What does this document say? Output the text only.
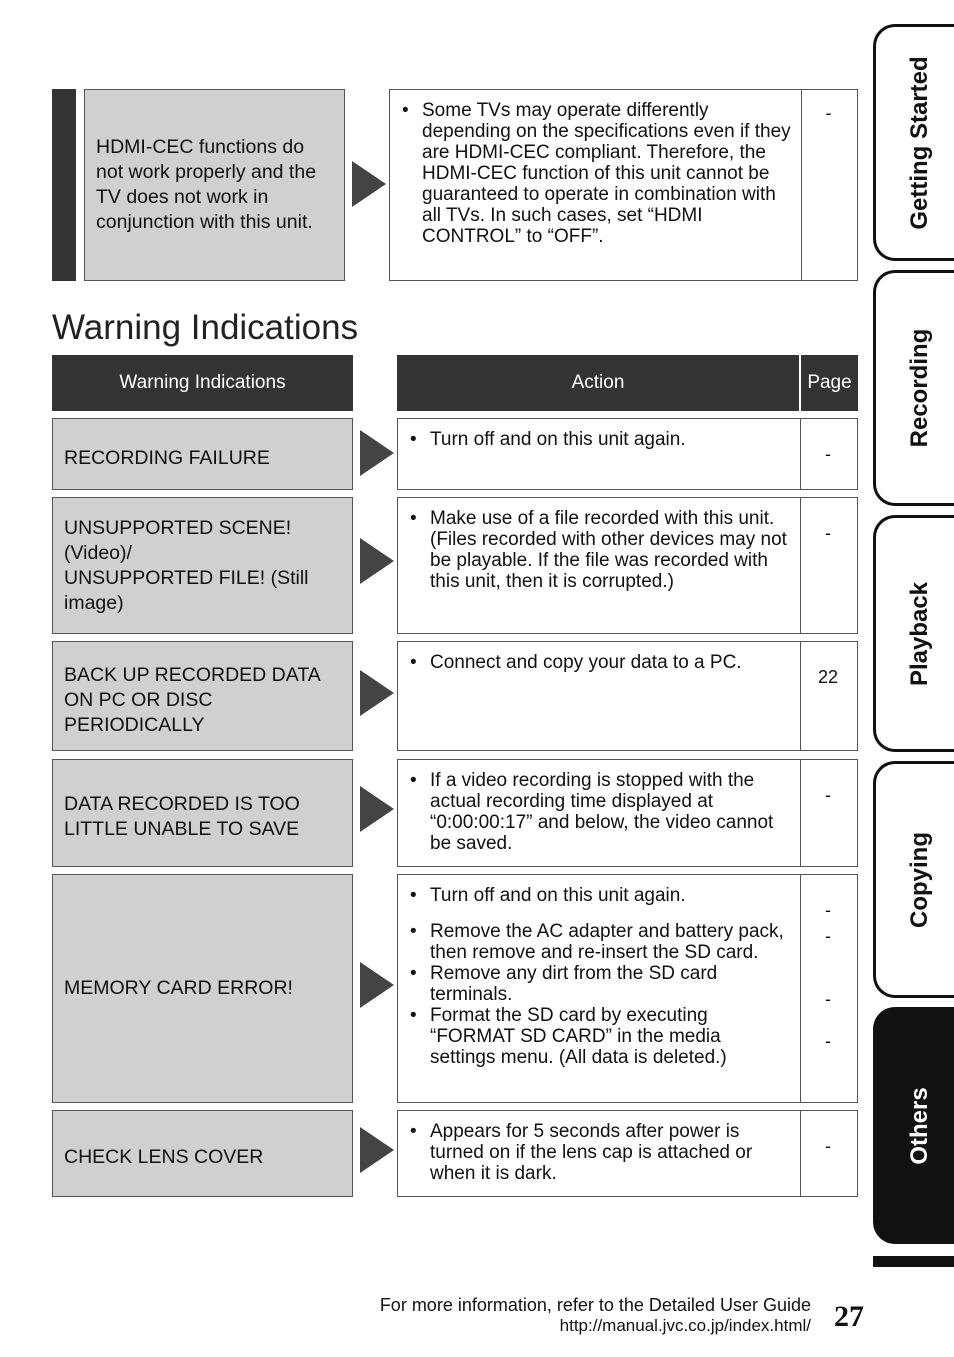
HDMI-CEC functions do not work properly and the TV does not work in conjunction with this unit.
• Some TVs may operate differently depending on the specifications even if they are HDMI-CEC compliant. Therefore, the HDMI-CEC function of this unit cannot be guaranteed to operate in combination with all TVs. In such cases, set “HDMI CONTROL” to “OFF”.
-
Warning Indications
Warning Indications	Action	Page
RECORDING FAILURE
• Turn off and on this unit again.
-
UNSUPPORTED SCENE! (Video)/
UNSUPPORTED FILE! (Still image)
• Make use of a file recorded with this unit. (Files recorded with other devices may not be playable. If the file was recorded with this unit, then it is corrupted.)
-
BACK UP RECORDED DATA ON PC OR DISC PERIODICALLY
• Connect and copy your data to a PC.
22
DATA RECORDED IS TOO LITTLE UNABLE TO SAVE
• If a video recording is stopped with the actual recording time displayed at “0:00:00:17” and below, the video cannot be saved.
-
MEMORY CARD ERROR!
• Turn off and on this unit again.
• Remove the AC adapter and battery pack, then remove and re-insert the SD card.
• Remove any dirt from the SD card terminals.
• Format the SD card by executing “FORMAT SD CARD” in the media settings menu. (All data is deleted.)
-
-
-
-
CHECK LENS COVER
• Appears for 5 seconds after power is turned on if the lens cap is attached or when it is dark.
-
Getting Started
Recording
Playback
Copying
Others
For more information, refer to the Detailed User Guide
http://manual.jvc.co.jp/index.html/ 27
